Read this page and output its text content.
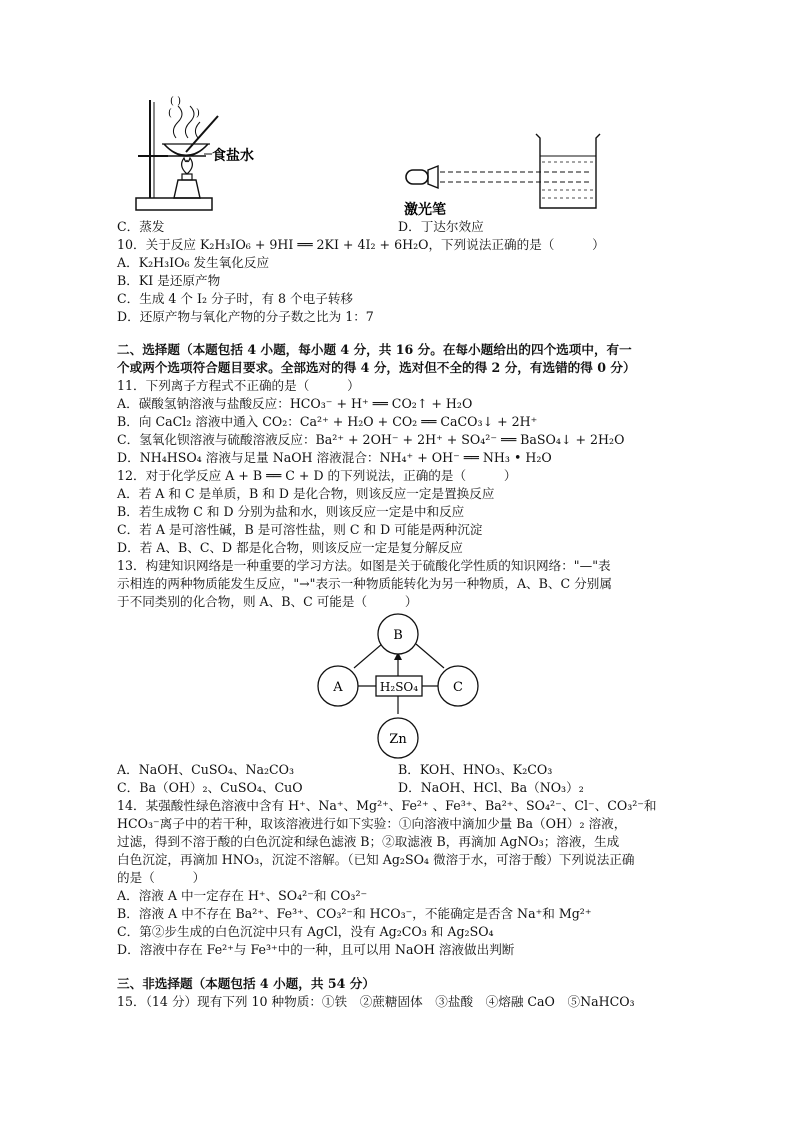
( )
( )
食盐水
激光笔
C．蒸发	D．丁达尔效应
10．关于反应 K₂H₃IO₆ + 9HI ══ 2KI + 4I₂ + 6H₂O，下列说法正确的是（　　　）
A．K₂H₃IO₆ 发生氧化反应
B．KI 是还原产物
C．生成 4 个 I₂ 分子时，有 8 个电子转移
D．还原产物与氧化产物的分子数之比为 1：7
二、选择题（本题包括 4 小题，每小题 4 分，共 16 分。在每小题给出的四个选项中，有一
个或两个选项符合题目要求。全部选对的得 4 分，选对但不全的得 2 分，有选错的得 0 分）
11．下列离子方程式不正确的是（　　　）
A．碳酸氢钠溶液与盐酸反应：HCO₃⁻ + H⁺ ══ CO₂↑ + H₂O
B．向 CaCl₂ 溶液中通入 CO₂：Ca²⁺ + H₂O + CO₂ ══ CaCO₃↓ + 2H⁺
C．氢氧化钡溶液与硫酸溶液反应：Ba²⁺ + 2OH⁻ + 2H⁺ + SO₄²⁻ ══ BaSO₄↓ + 2H₂O
D．NH₄HSO₄ 溶液与足量 NaOH 溶液混合：NH₄⁺ + OH⁻ ══ NH₃ • H₂O
12．对于化学反应 A + B ══ C + D 的下列说法，正确的是（　　　）
A．若 A 和 C 是单质，B 和 D 是化合物，则该反应一定是置换反应
B．若生成物 C 和 D 分别为盐和水，则该反应一定是中和反应
C．若 A 是可溶性碱，B 是可溶性盐，则 C 和 D 可能是两种沉淀
D．若 A、B、C、D 都是化合物，则该反应一定是复分解反应
13．构建知识网络是一种重要的学习方法。如图是关于硫酸化学性质的知识网络："—"表
示相连的两种物质能发生反应，"→"表示一种物质能转化为另一种物质，A、B、C 分别属
于不同类别的化合物，则 A、B、C 可能是（　　　）
B
A	C
Zn
H₂SO₄
A．NaOH、CuSO₄、Na₂CO₃	B．KOH、HNO₃、K₂CO₃
C．Ba（OH）₂、CuSO₄、CuO	D．NaOH、HCl、Ba（NO₃）₂
14．某强酸性绿色溶液中含有 H⁺、Na⁺、Mg²⁺、Fe²⁺ 、Fe³⁺、Ba²⁺、SO₄²⁻、Cl⁻、CO₃²⁻和
HCO₃⁻离子中的若干种，取该溶液进行如下实验：①向溶液中滴加少量 Ba（OH）₂ 溶液，
过滤，得到不溶于酸的白色沉淀和绿色滤液 B；②取滤液 B，再滴加 AgNO₃；溶液，生成
白色沉淀，再滴加 HNO₃，沉淀不溶解。（已知 Ag₂SO₄ 微溶于水，可溶于酸）下列说法正确
的是（　　　）
A．溶液 A 中一定存在 H⁺、SO₄²⁻和 CO₃²⁻
B．溶液 A 中不存在 Ba²⁺、Fe³⁺、CO₃²⁻和 HCO₃⁻，不能确定是否含 Na⁺和 Mg²⁺
C．第②步生成的白色沉淀中只有 AgCl，没有 Ag₂CO₃ 和 Ag₂SO₄
D．溶液中存在 Fe²⁺与 Fe³⁺中的一种，且可以用 NaOH 溶液做出判断
三、非选择题（本题包括 4 小题，共 54 分）
15．（14 分）现有下列 10 种物质：①铁　②蔗糖固体　③盐酸　④熔融 CaO　⑤NaHCO₃
